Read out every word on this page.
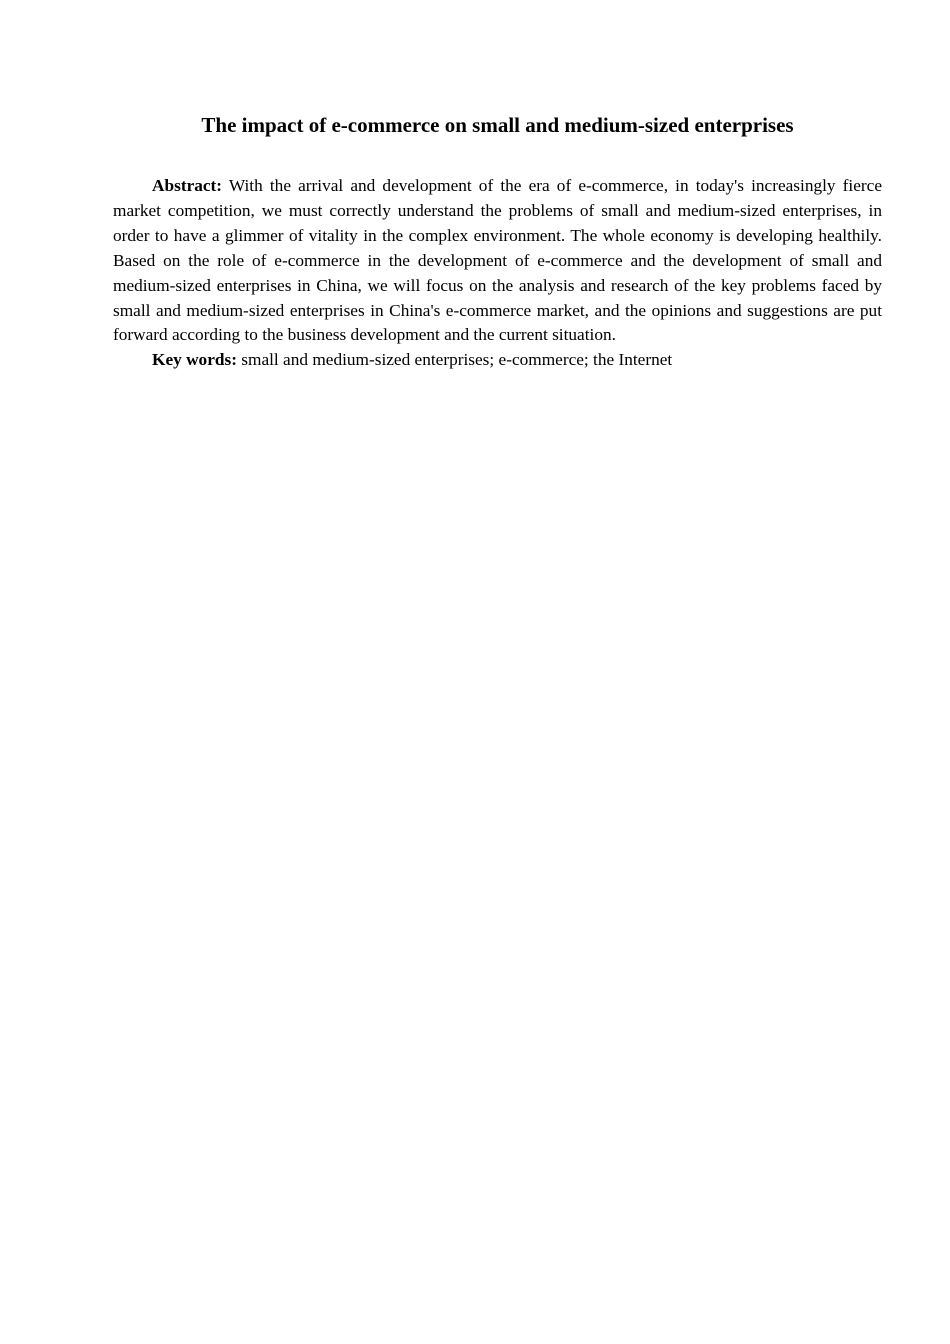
The impact of e-commerce on small and medium-sized enterprises

Abstract: With the arrival and development of the era of e-commerce, in today's increasingly fierce market competition, we must correctly understand the problems of small and medium-sized enterprises, in order to have a glimmer of vitality in the complex environment. The whole economy is developing healthily. Based on the role of e-commerce in the development of e-commerce and the development of small and medium-sized enterprises in China, we will focus on the analysis and research of the key problems faced by small and medium-sized enterprises in China's e-commerce market, and the opinions and suggestions are put forward according to the business development and the current situation.

Key words: small and medium-sized enterprises; e-commerce; the Internet
